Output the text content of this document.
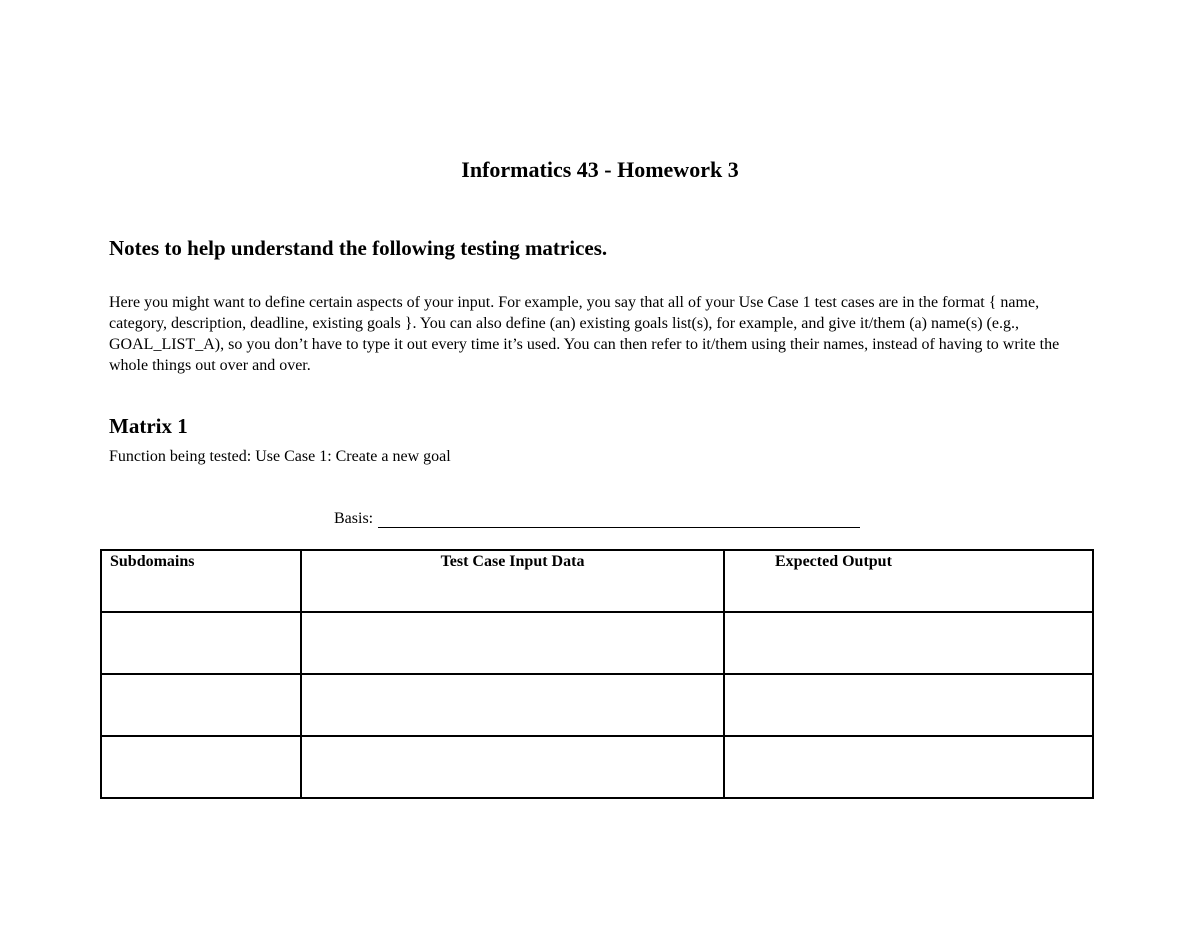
Informatics 43 - Homework 3
Notes to help understand the following testing matrices.

Here you might want to define certain aspects of your input. For example, you say that all of your Use Case 1 test cases are in the format { name, category, description, deadline, existing goals }. You can also define (an) existing goals list(s), for example, and give it/them (a) name(s) (e.g., GOAL_LIST_A), so you don’t have to type it out every time it’s used. You can then refer to it/them using their names, instead of having to write the whole things out over and over.

Matrix 1

Function being tested: Use Case 1: Create a new goal

Basis:
Subdomains	Test Case Input Data	Expected Output
